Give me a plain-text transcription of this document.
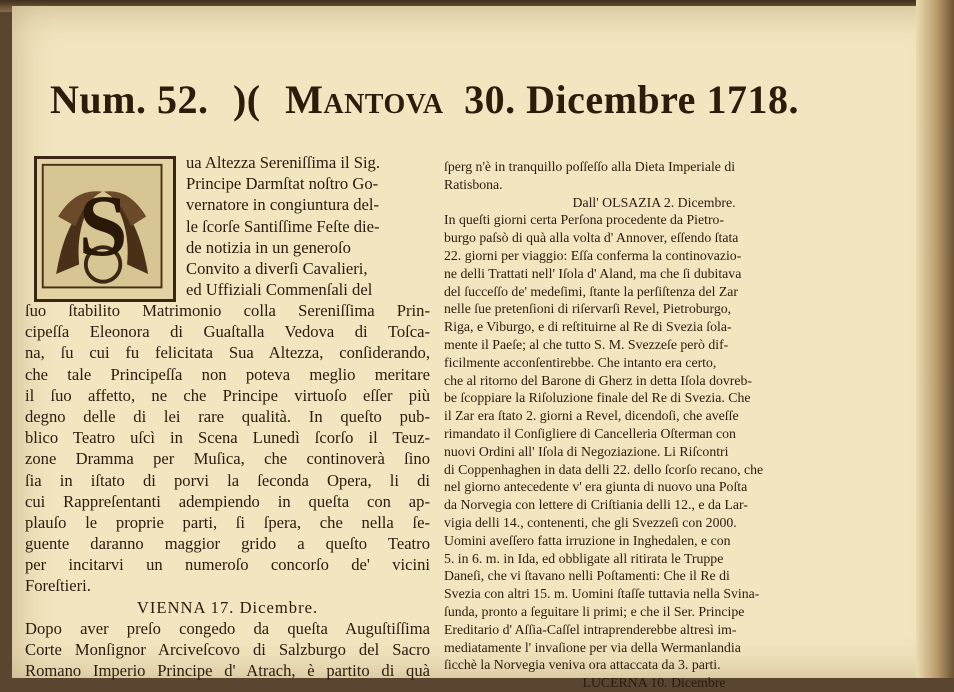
Num. 52. )( Mantova 30. Dicembre 1718.
S
ua Altezza Sereniſſima il Sig.
Principe Darmſtat noſtro Go-
vernatore in congiuntura del-
le ſcorſe Santiſſime Feſte die-
de notizia in un generoſo
Convito a diverſi Cavalieri,
ed Uffiziali Commenſali del
ſuo ſtabilito Matrimonio colla Sereniſſima Prin-
cipeſſa Eleonora di Guaſtalla Vedova di Toſca-
na, ſu cui fu felicitata Sua Altezza, conſiderando,
che tale Principeſſa non poteva meglio meritare
il ſuo affetto, ne che Principe virtuoſo eſſer più
degno delle di lei rare qualità. In queſto pub-
blico Teatro uſcì in Scena Lunedì ſcorſo il Teuz-
zone Dramma per Muſica, che continoverà ſino
ſia in iſtato di porvi la ſeconda Opera, li di
cui Rappreſentanti adempiendo in queſta con ap-
plauſo le proprie parti, ſi ſpera, che nella ſe-
guente daranno maggior grido a queſto Teatro
per incitarvi un numeroſo concorſo de' vicini
Foreſtieri.
VIENNA 17. Dicembre.
Dopo aver preſo congedo da queſta Auguſtiſſima
Corte Monſignor Arciveſcovo di Salzburgo del Sacro
Romano Imperio Principe d' Atrach, è partito di quà
ſperg n'è in tranquillo poſſeſſo alla Dieta Imperiale di
Ratisbona.
Dall' OLSAZIA 2. Dicembre.
In queſti giorni certa Perſona procedente da Pietro-
burgo paſsò di quà alla volta d' Annover, eſſendo ſtata
22. giorni per viaggio: Eſſa conferma la continovazio-
ne delli Trattati nell' Iſola d' Aland, ma che ſi dubitava
del ſucceſſo de' medeſimi, ſtante la perſiſtenza del Zar
nelle ſue pretenſioni di riſervarſi Revel, Pietroburgo,
Riga, e Viburgo, e di reſtituirne al Re di Svezia ſola-
mente il Paeſe; al che tutto S. M. Svezzeſe però dif-
ficilmente acconſentirebbe. Che intanto era certo,
che al ritorno del Barone di Gherz in detta Iſola dovreb-
be ſcoppiare la Riſoluzione finale del Re di Svezia. Che
il Zar era ſtato 2. giorni a Revel, dicendoſi, che aveſſe
rimandato il Conſigliere di Cancelleria Oſterman con
nuovi Ordini all' Iſola di Negoziazione. Li Riſcontri
di Coppenhaghen in data delli 22. dello ſcorſo recano, che
nel giorno antecedente v' era giunta di nuovo una Poſta
da Norvegia con lettere di Criſtiania delli 12., e da Lar-
vigia delli 14., contenenti, che gli Svezzeſi con 2000.
Uomini aveſſero fatta irruzione in Inghedalen, e con
5. in 6. m. in Ida, ed obbligate all ritirata le Truppe
Daneſi, che vi ſtavano nelli Poſtamenti: Che il Re di
Svezia con altri 15. m. Uomini ſtaſſe tuttavia nella Svina-
ſunda, pronto a ſeguitare li primi; e che il Ser. Principe
Ereditario d' Aſſia-Caſſel intraprenderebbe altresì im-
mediatamente l' invaſione per via della Wermanlandia
ſicchè la Norvegia veniva ora attaccata da 3. parti.
LUCERNA 10. Dicembre
